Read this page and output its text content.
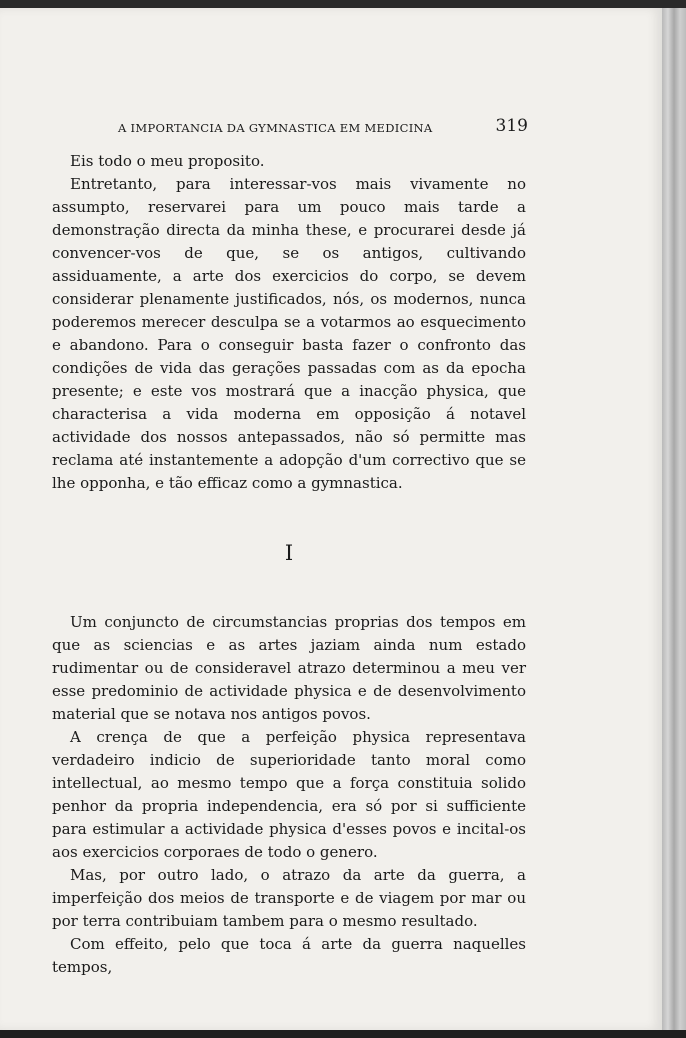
A IMPORTANCIA DA GYMNASTICA EM MEDICINA	319

Eis todo o meu proposito.

Entretanto, para interessar-vos mais vivamente no assumpto, reservarei para um pouco mais tarde a demonstração directa da minha these, e procurarei desde já convencer-vos de que, se os antigos, cultivando assiduamente, a arte dos exercicios do corpo, se devem considerar plenamente justificados, nós, os modernos, nunca poderemos merecer desculpa se a votarmos ao esquecimento e abandono. Para o conseguir basta fazer o confronto das condições de vida das gerações passadas com as da epocha presente; e este vos mostrará que a inacção physica, que characterisa a vida moderna em opposição á notavel actividade dos nossos antepassados, não só permitte mas reclama até instantemente a adopção d'um correctivo que se lhe opponha, e tão efficaz como a gymnastica.

I

Um conjuncto de circumstancias proprias dos tempos em que as sciencias e as artes jaziam ainda num estado rudimentar ou de consideravel atrazo determinou a meu ver esse predominio de actividade physica e de desenvolvimento material que se notava nos antigos povos.

A crença de que a perfeição physica representava verdadeiro indicio de superioridade tanto moral como intellectual, ao mesmo tempo que a força constituia solido penhor da propria independencia, era só por si sufficiente para estimular a actividade physica d'esses povos e incital-os aos exercicios corporaes de todo o genero.

Mas, por outro lado, o atrazo da arte da guerra, a imperfeição dos meios de transporte e de viagem por mar ou por terra contribuiam tambem para o mesmo resultado.

Com effeito, pelo que toca á arte da guerra naquelles tempos,
